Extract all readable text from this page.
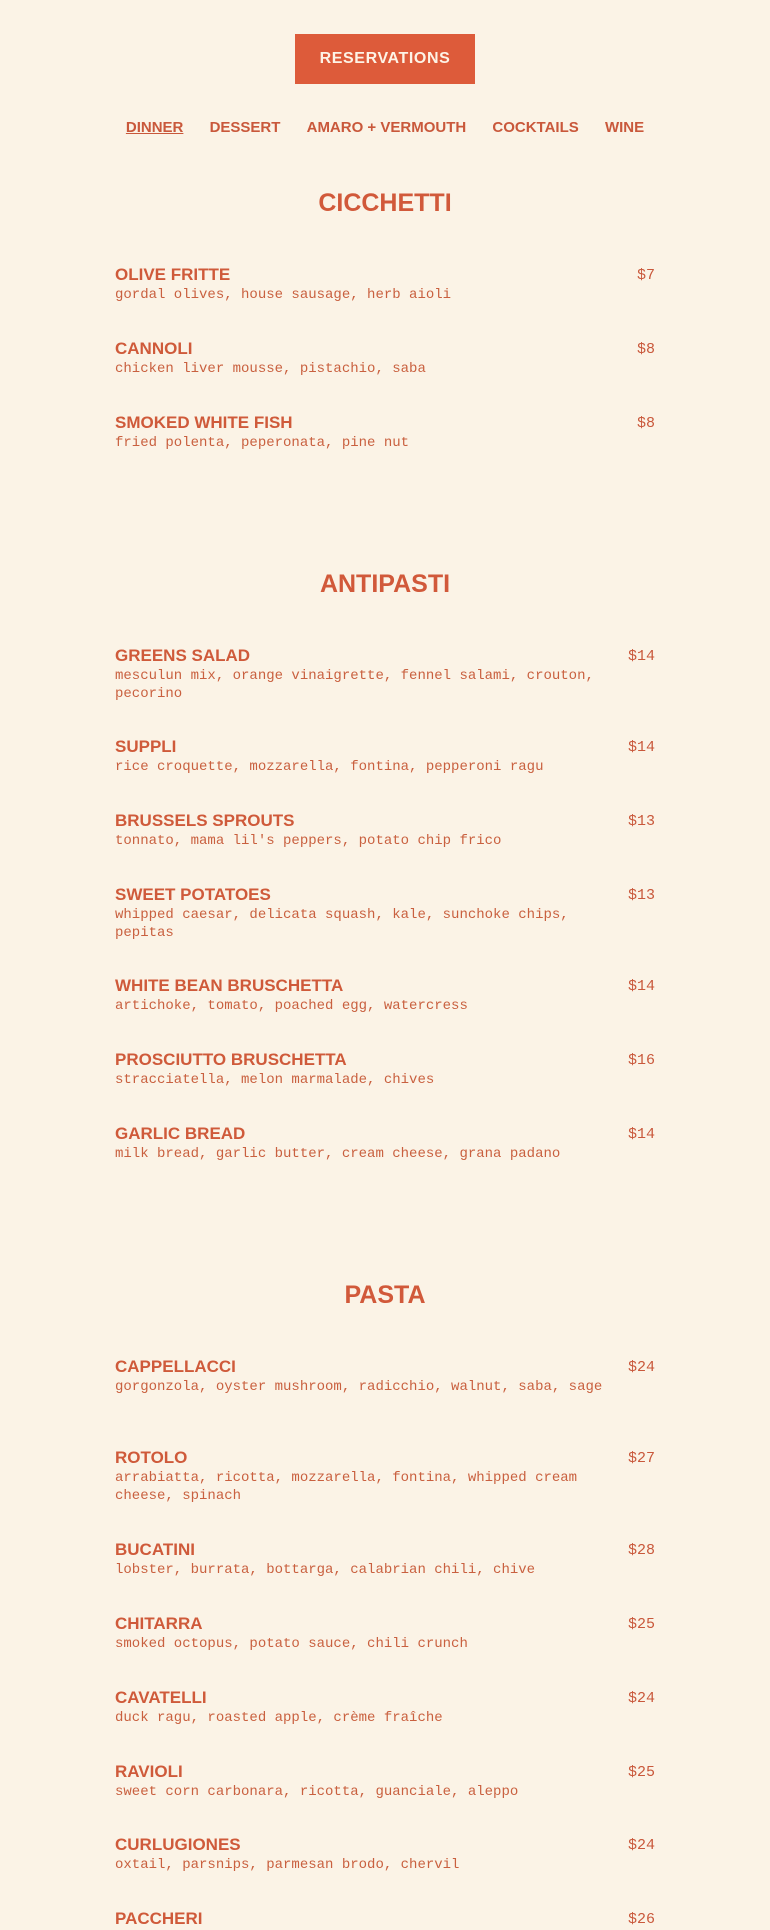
RESERVATIONS
DINNER DESSERT AMARO + VERMOUTH COCKTAILS WINE
CICCHETTI
OLIVE FRITTE
gordal olives, house sausage, herb aioli
$7
CANNOLI
chicken liver mousse, pistachio, saba
$8
SMOKED WHITE FISH
fried polenta, peperonata, pine nut
$8
ANTIPASTI
GREENS SALAD
mesculun mix, orange vinaigrette, fennel salami, crouton, pecorino
$14
SUPPLI
rice croquette, mozzarella, fontina, pepperoni ragu
$14
BRUSSELS SPROUTS
tonnato, mama lil's peppers, potato chip frico
$13
SWEET POTATOES
whipped caesar, delicata squash, kale, sunchoke chips, pepitas
$13
WHITE BEAN BRUSCHETTA
artichoke, tomato, poached egg, watercress
$14
PROSCIUTTO BRUSCHETTA
stracciatella, melon marmalade, chives
$16
GARLIC BREAD
milk bread, garlic butter, cream cheese, grana padano
$14
PASTA
CAPPELLACCI
gorgonzola, oyster mushroom, radicchio, walnut, saba, sage
$24
ROTOLO
arrabiatta, ricotta, mozzarella, fontina, whipped cream cheese, spinach
$27
BUCATINI
lobster, burrata, bottarga, calabrian chili, chive
$28
CHITARRA
smoked octopus, potato sauce, chili crunch
$25
CAVATELLI
duck ragu, roasted apple, crème fraîche
$24
RAVIOLI
sweet corn carbonara, ricotta, guanciale, aleppo
$25
CURLUGIONES
oxtail, parsnips, parmesan brodo, chervil
$24
PACCHERI	$26
